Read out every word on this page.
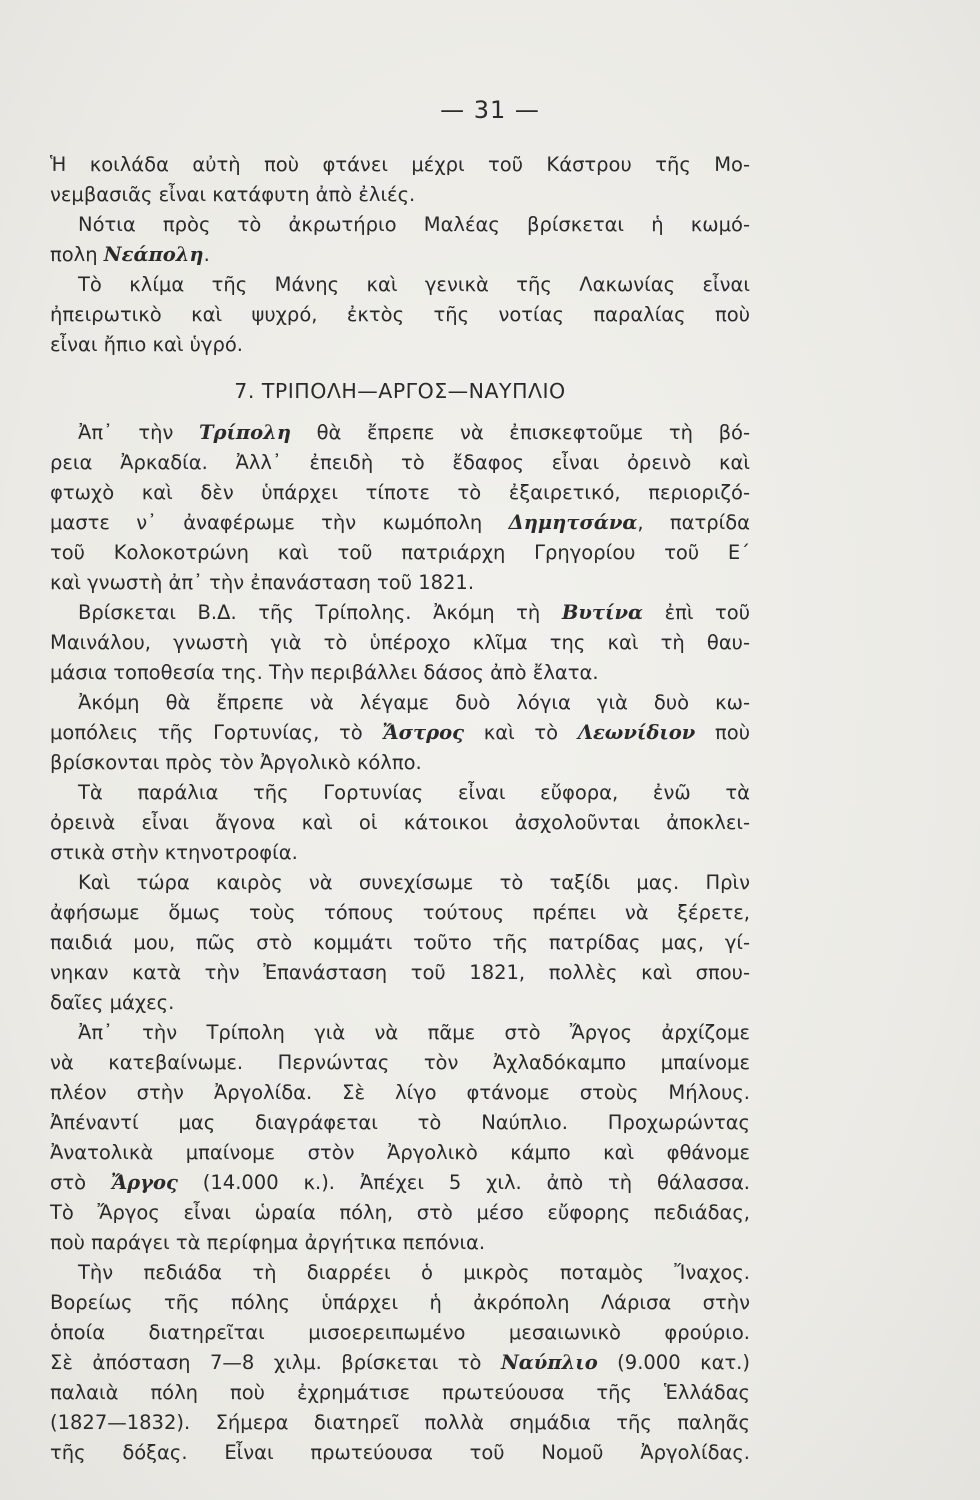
— 31 —
Ἡ κοιλάδα αὐτὴ ποὺ φτάνει μέχρι τοῦ Κάστρου τῆς Μο-
νεμβασιᾶς εἶναι κατάφυτη ἀπὸ ἐλιές.
Νότια πρὸς τὸ ἀκρωτήριο Μαλέας βρίσκεται ἡ κωμό-
πολη Νεάπολη.
Τὸ κλίμα τῆς Μάνης καὶ γενικὰ τῆς Λακωνίας εἶναι
ἠπειρωτικὸ καὶ ψυχρό, ἐκτὸς τῆς νοτίας παραλίας ποὺ
εἶναι ἤπιο καὶ ὑγρό.
7. ΤΡΙΠΟΛΗ—ΑΡΓΟΣ—ΝΑΥΠΛΙΟ
Ἀπ᾽ τὴν Τρίπολη θὰ ἔπρεπε νὰ ἐπισκεφτοῦμε τὴ βό-
ρεια Ἀρκαδία. Ἀλλ᾽ ἐπειδὴ τὸ ἔδαφος εἶναι ὀρεινὸ καὶ
φτωχὸ καὶ δὲν ὑπάρχει τίποτε τὸ ἐξαιρετικό, περιοριζό-
μαστε ν᾽ ἀναφέρωμε τὴν κωμόπολη Δημητσάνα, πατρίδα
τοῦ Κολοκοτρώνη καὶ τοῦ πατριάρχη Γρηγορίου τοῦ Ε´
καὶ γνωστὴ ἀπ᾽ τὴν ἐπανάσταση τοῦ 1821.
Βρίσκεται Β.Δ. τῆς Τρίπολης. Ἀκόμη τὴ Βυτίνα ἐπὶ τοῦ
Μαινάλου, γνωστὴ γιὰ τὸ ὑπέροχο κλῖμα της καὶ τὴ θαυ-
μάσια τοποθεσία της. Τὴν περιβάλλει δάσος ἀπὸ ἔλατα.
Ἀκόμη θὰ ἔπρεπε νὰ λέγαμε δυὸ λόγια γιὰ δυὸ κω-
μοπόλεις τῆς Γορτυνίας, τὸ Ἄστρος καὶ τὸ Λεωνίδιον ποὺ
βρίσκονται πρὸς τὸν Ἀργολικὸ κόλπο.
Τὰ παράλια τῆς Γορτυνίας εἶναι εὔφορα, ἐνῶ τὰ
ὀρεινὰ εἶναι ἄγονα καὶ οἱ κάτοικοι ἀσχολοῦνται ἀποκλει-
στικὰ στὴν κτηνοτροφία.
Καὶ τώρα καιρὸς νὰ συνεχίσωμε τὸ ταξίδι μας. Πρὶν
ἀφήσωμε ὅμως τοὺς τόπους τούτους πρέπει νὰ ξέρετε,
παιδιά μου, πῶς στὸ κομμάτι τοῦτο τῆς πατρίδας μας, γί-
νηκαν κατὰ τὴν Ἐπανάσταση τοῦ 1821, πολλὲς καὶ σπου-
δαῖες μάχες.
Ἀπ᾽ τὴν Τρίπολη γιὰ νὰ πᾶμε στὸ Ἄργος ἀρχίζομε
νὰ κατεβαίνωμε. Περνώντας τὸν Ἀχλαδόκαμπο μπαίνομε
πλέον στὴν Ἀργολίδα. Σὲ λίγο φτάνομε στοὺς Μήλους.
Ἀπέναντί μας διαγράφεται τὸ Ναύπλιο. Προχωρώντας
Ἀνατολικὰ μπαίνομε στὸν Ἀργολικὸ κάμπο καὶ φθάνομε
στὸ Ἄργος (14.000 κ.). Ἀπέχει 5 χιλ. ἀπὸ τὴ θάλασσα.
Τὸ Ἄργος εἶναι ὡραία πόλη, στὸ μέσο εὔφορης πεδιάδας,
ποὺ παράγει τὰ περίφημα ἀργήτικα πεπόνια.
Τὴν πεδιάδα τὴ διαρρέει ὁ μικρὸς ποταμὸς Ἴναχος.
Βορείως τῆς πόλης ὑπάρχει ἡ ἀκρόπολη Λάρισα στὴν
ὁποία διατηρεῖται μισοερειπωμένο μεσαιωνικὸ φρούριο.
Σὲ ἀπόσταση 7—8 χιλμ. βρίσκεται τὸ Ναύπλιο (9.000 κατ.)
παλαιὰ πόλη ποὺ ἐχρημάτισε πρωτεύουσα τῆς Ἑλλάδας
(1827—1832). Σήμερα διατηρεῖ πολλὰ σημάδια τῆς παληᾶς
τῆς δόξας. Εἶναι πρωτεύουσα τοῦ Νομοῦ Ἀργολίδας.
